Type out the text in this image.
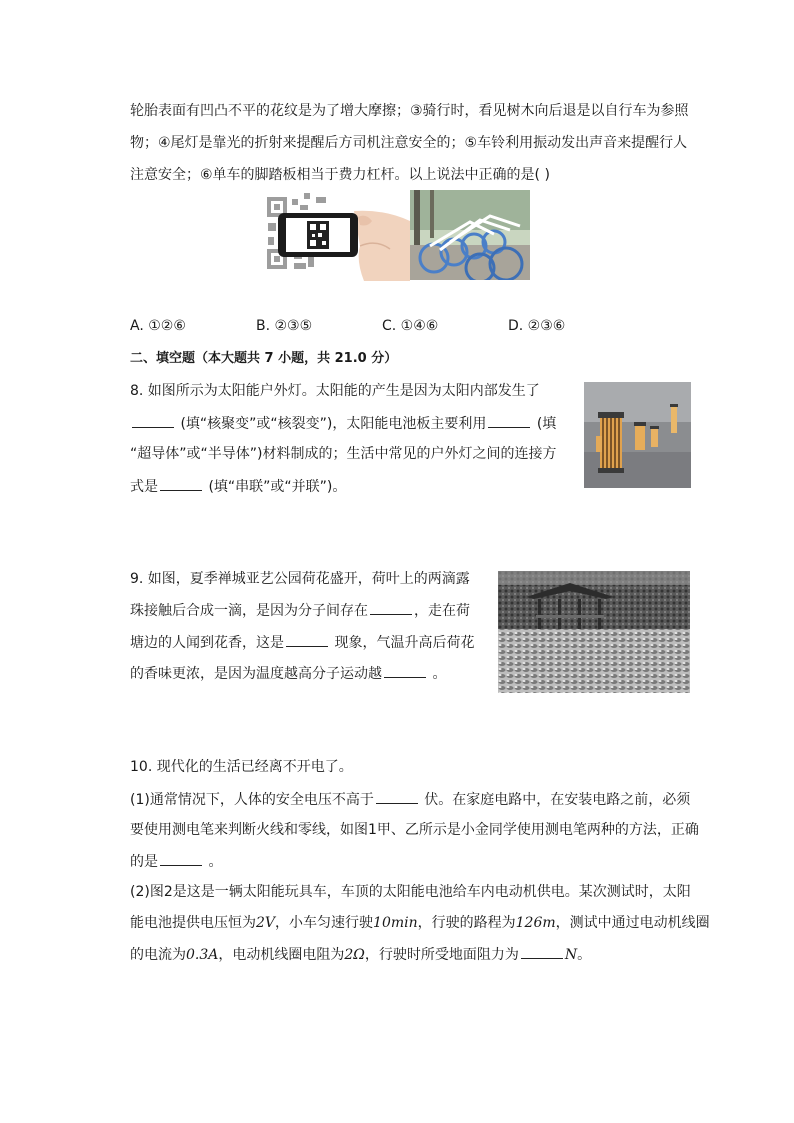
轮胎表面有凹凸不平的花纹是为了增大摩擦；③骑行时，看见树木向后退是以自行车为参照
物；④尾灯是靠光的折射来提醒后方司机注意安全的；⑤车铃利用振动发出声音来提醒行人
注意安全；⑥单车的脚踏板相当于费力杠杆。以上说法中正确的是( )
A. ①②⑥	B. ②③⑤	C. ①④⑥	D. ②③⑥
二、填空题（本大题共 7 小题，共 21.0 分）
8. 如图所示为太阳能户外灯。太阳能的产生是因为太阳内部发生了
(填“核聚变”或“核裂变”)，太阳能电池板主要利用	(填
“超导体”或“半导体”)材料制成的；生活中常见的户外灯之间的连接方
式是	(填“串联”或“并联”)。
9. 如图，夏季禅城亚艺公园荷花盛开，荷叶上的两滴露
珠接触后合成一滴，是因为分子间存在	，走在荷
塘边的人闻到花香，这是	现象，气温升高后荷花
的香味更浓，是因为温度越高分子运动越	。
10. 现代化的生活已经离不开电了。
(1)通常情况下，人体的安全电压不高于	伏。在家庭电路中，在安装电路之前，必须
要使用测电笔来判断火线和零线，如图1甲、乙所示是小金同学使用测电笔两种的方法，正确
的是	。
(2)图2是这是一辆太阳能玩具车，车顶的太阳能电池给车内电动机供电。某次测试时，太阳
能电池提供电压恒为2V，小车匀速行驶10min，行驶的路程为126m，测试中通过电动机线圈
的电流为0.3A，电动机线圈电阻为2Ω，行驶时所受地面阻力为	N。
